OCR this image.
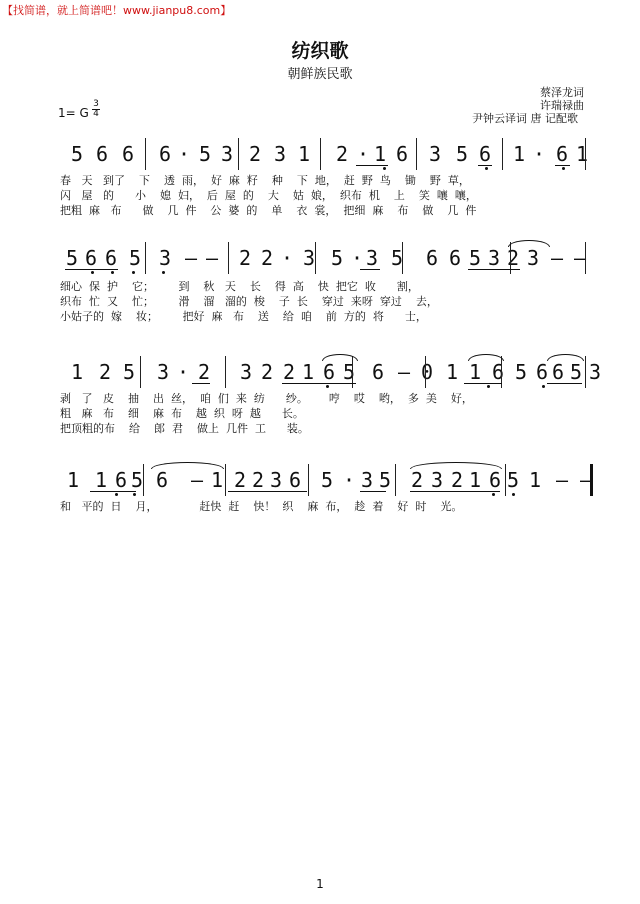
【找简谱，就上简谱吧！www.jianpu8.com】
纺织歌
朝鲜族民歌
蔡泽龙词
许瑞禄曲
尹钟云译词 唐 记配歌
1= G
3
4
5 6 6 6 · 5 3 2 3 1 2 · 1 6 3 5 6 1 · 6 1
春   天   到了    下    透  雨，  好  麻  籽    种    下  地，  赶  野  鸟    锄    野  草，
闪   屋   的      小    媳  妇，  后  屋  的    大    姑  娘，  织布  机    上    笑  嚷  嚷，
把粗  麻   布      做    几  件    公  婆  的    单    衣  裳，  把细  麻    布    做    几  件
5 6 6 5 3 – – 2 2 · 3 5 · 3 5 6 6 5 3 2 3 – –
细心  保  护    它；       到    秋   天    长    得  高    快  把它  收      割，
织布  忙  又    忙；       滑    溜   溜的  梭    子  长    穿过  来呀  穿过    去，
小姑子的  嫁    妆；       把好  麻   布    送    给  咱    前  方的  将      士，
1 2 5 3 · 2 3 2 2 1 6 5 6 – 0 1 1 6 5 6 6 5 3
剥   了   皮    抽    出  丝，  咱  们  来  纺      纱。      哼    哎    哟，  多  美    好，
粗   麻   布    细    麻  布    越  织  呀  越      长。
把顶粗的布    给    郎  君    做上  几件  工      装。
1 1 6 5 6 – 1 2 2 3 6 5 · 3 5 2 3 2 1 6 5 1 – –
和   平的  日    月，            赶快  赶    快！  织    麻  布，  趁  着    好  时    光。
1
